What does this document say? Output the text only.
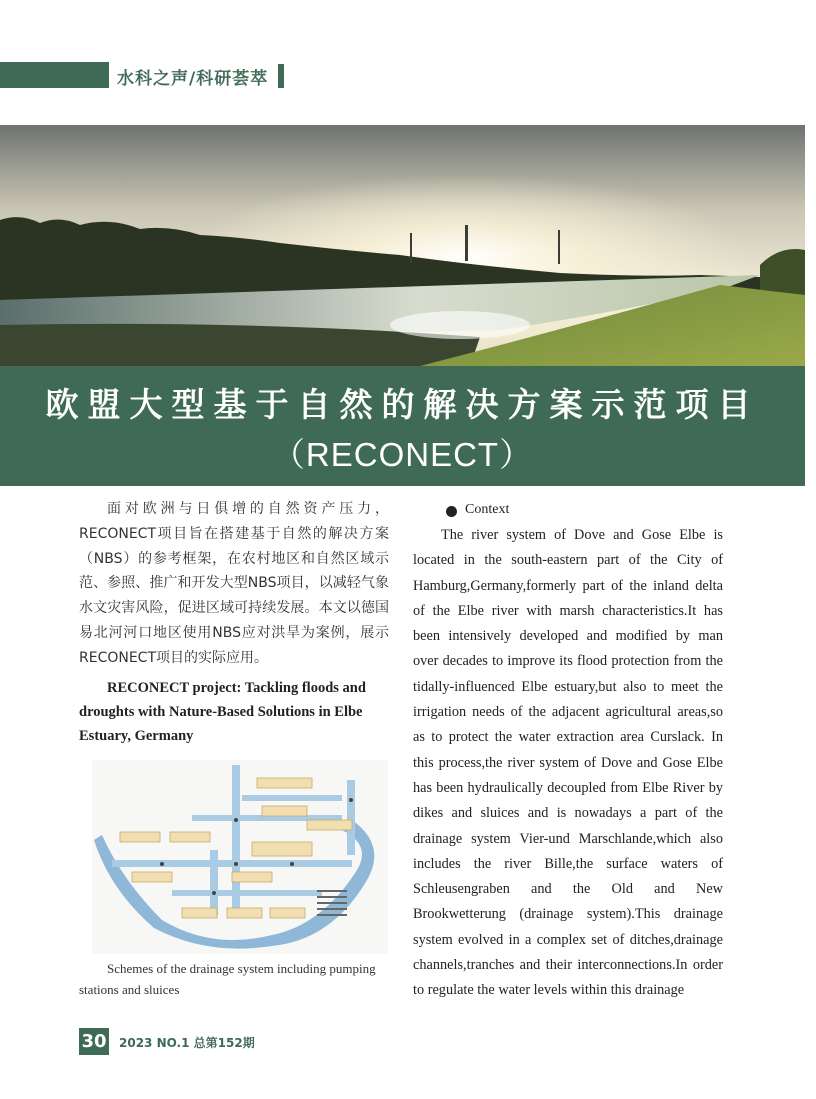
水科之声/科研荟萃
欧盟大型基于自然的解决方案示范项目
（RECONECT）
面对欧洲与日俱增的自然资产压力，RECONECT项目旨在搭建基于自然的解决方案（NBS）的参考框架，在农村地区和自然区域示范、参照、推广和开发大型NBS项目，以减轻气象水文灾害风险，促进区域可持续发展。本文以德国易北河河口地区使用NBS应对洪旱为案例，展示RECONECT项目的实际应用。
RECONECT project: Tackling floods and droughts with Nature-Based Solutions in Elbe Estuary, Germany
Schemes of the drainage system including pumping stations and sluices
Context
The river system of Dove and Gose Elbe is located in the south-eastern part of the City of Hamburg,Germany,formerly part of the inland delta of the Elbe river with marsh characteristics.It has been intensively developed and modified by man over decades to improve its flood protection from the tidally-influenced Elbe estuary,but also to meet the irrigation needs of the adjacent agricultural areas,so as to protect the water extraction area Curslack. In this process,the river system of Dove and Gose Elbe has been hydraulically decoupled from Elbe River by dikes and sluices and is nowadays a part of the drainage system Vier-und Marschlande,which also includes the river Bille,the surface waters of Schleusengraben and the Old and New Brookwetterung (drainage system).This drainage system evolved in a complex set of ditches,drainage channels,tranches and their interconnections.In order to regulate the water levels within this drainage
30 2023 NO.1 总第152期
